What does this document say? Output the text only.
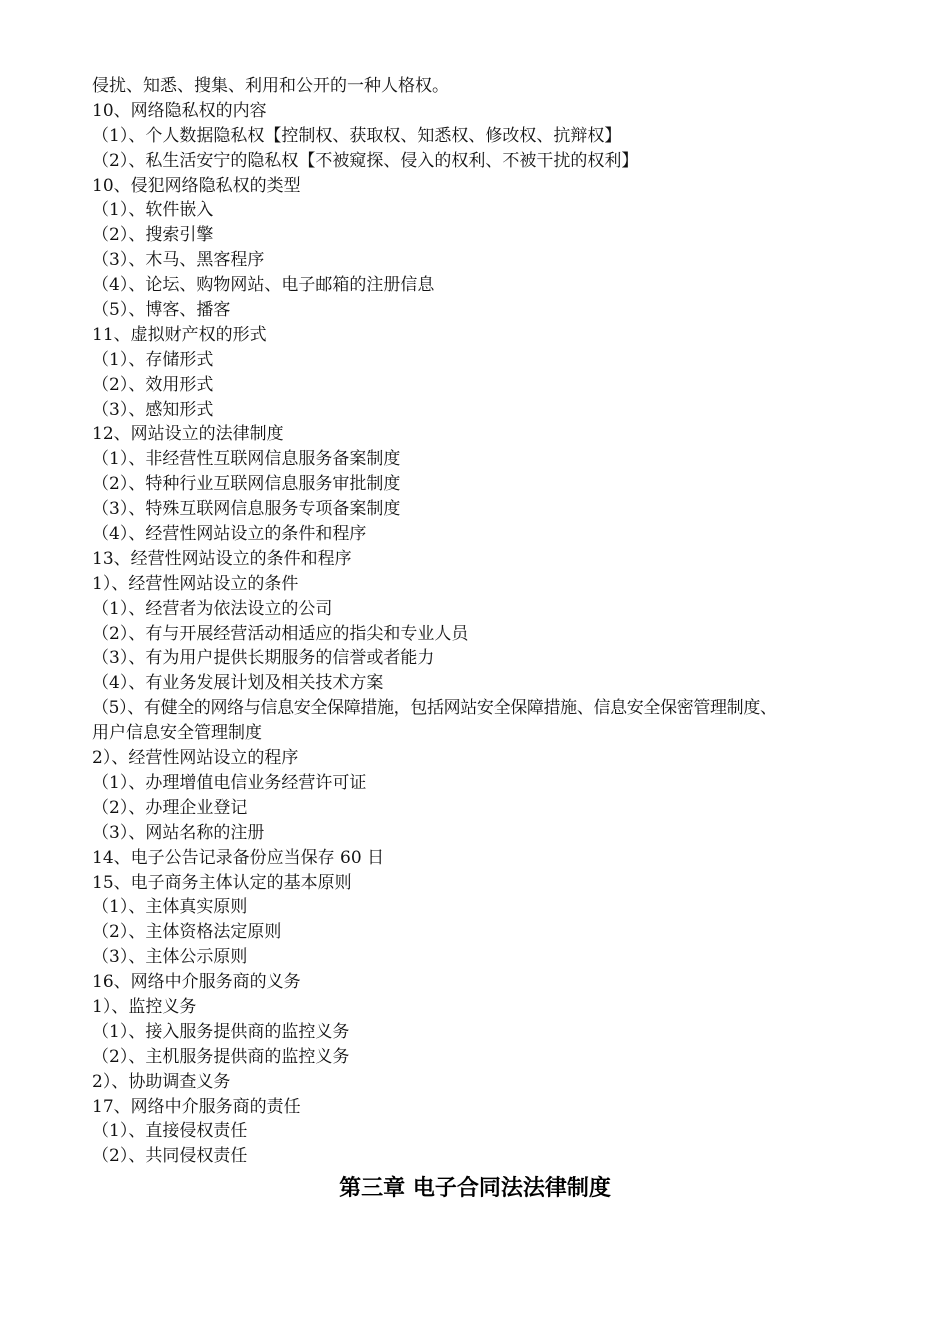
侵扰、知悉、搜集、利用和公开的一种人格权。
10、网络隐私权的内容
（1）、个人数据隐私权【控制权、获取权、知悉权、修改权、抗辩权】
（2）、私生活安宁的隐私权【不被窥探、侵入的权利、不被干扰的权利】
10、侵犯网络隐私权的类型
（1）、软件嵌入
（2）、搜索引擎
（3）、木马、黑客程序
（4）、论坛、购物网站、电子邮箱的注册信息
（5）、博客、播客
11、虚拟财产权的形式
（1）、存储形式
（2）、效用形式
（3）、感知形式
12、网站设立的法律制度
（1）、非经营性互联网信息服务备案制度
（2）、特种行业互联网信息服务审批制度
（3）、特殊互联网信息服务专项备案制度
（4）、经营性网站设立的条件和程序
13、经营性网站设立的条件和程序
1）、经营性网站设立的条件
（1）、经营者为依法设立的公司
（2）、有与开展经营活动相适应的指尖和专业人员
（3）、有为用户提供长期服务的信誉或者能力
（4）、有业务发展计划及相关技术方案
（5）、有健全的网络与信息安全保障措施，包括网站安全保障措施、信息安全保密管理制度、
用户信息安全管理制度
2）、经营性网站设立的程序
（1）、办理增值电信业务经营许可证
（2）、办理企业登记
（3）、网站名称的注册
14、电子公告记录备份应当保存 60 日
15、电子商务主体认定的基本原则
（1）、主体真实原则
（2）、主体资格法定原则
（3）、主体公示原则
16、网络中介服务商的义务
1）、监控义务
（1）、接入服务提供商的监控义务
（2）、主机服务提供商的监控义务
2）、协助调查义务
17、网络中介服务商的责任
（1）、直接侵权责任
（2）、共同侵权责任
第三章 电子合同法法律制度
